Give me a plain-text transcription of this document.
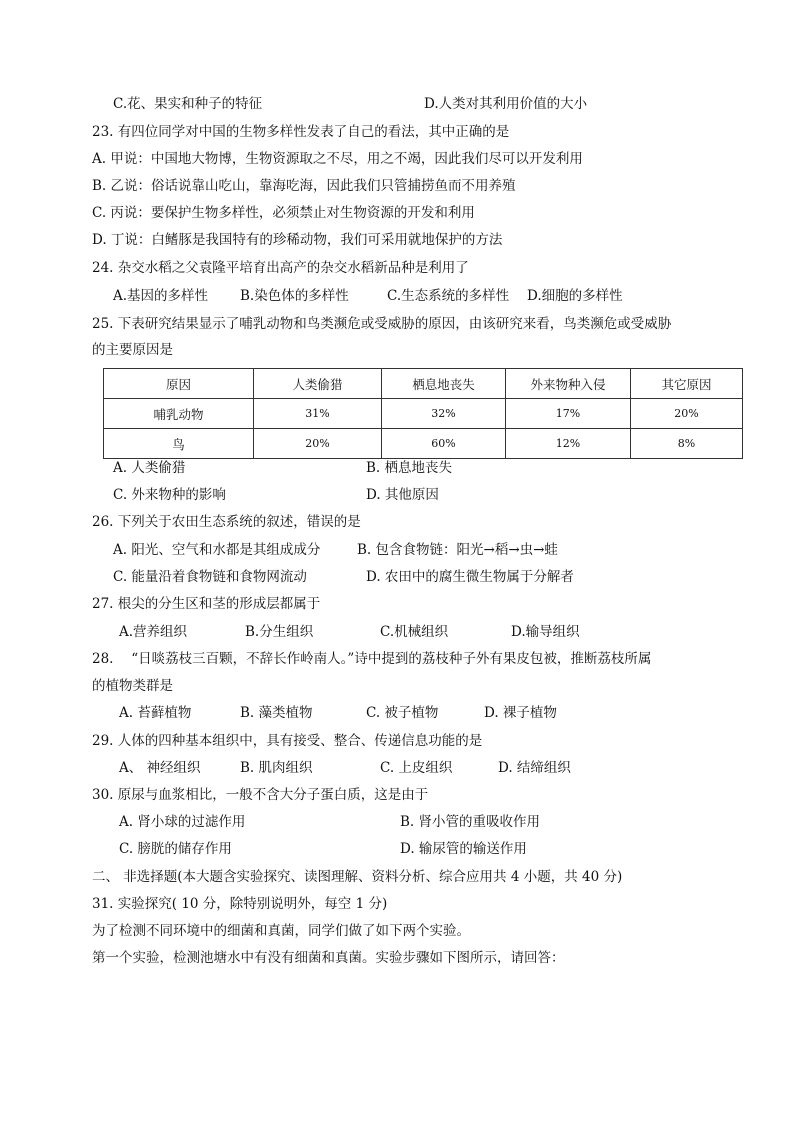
C.花、果实和种子的特征	D.人类对其利用价值的大小
23. 有四位同学对中国的生物多样性发表了自己的看法，其中正确的是
A. 甲说：中国地大物博，生物资源取之不尽，用之不竭，因此我们尽可以开发利用
B. 乙说：俗话说靠山吃山，靠海吃海，因此我们只管捕捞鱼而不用养殖
C. 丙说：要保护生物多样性，必须禁止对生物资源的开发和利用
D. 丁说：白鳍豚是我国特有的珍稀动物，我们可采用就地保护的方法
24. 杂交水稻之父袁隆平培育出高产的杂交水稻新品种是利用了
A.基因的多样性 B.染色体的多样性	C.生态系统的多样性 D.细胞的多样性
25. 下表研究结果显示了哺乳动物和鸟类濒危或受威胁的原因，由该研究来看，鸟类濒危或受威胁
的主要原因是
原因	人类偷猎	栖息地丧失	外来物种入侵	其它原因
哺乳动物	31%	32%	17%	20%
鸟	20%	60%	12%	8%
A. 人类偷猎	B. 栖息地丧失
C. 外来物种的影响	D. 其他原因
26. 下列关于农田生态系统的叙述，错误的是
A. 阳光、空气和水都是其组成成分	B. 包含食物链：阳光→稻→虫→蛙
C. 能量沿着食物链和食物网流动	D. 农田中的腐生微生物属于分解者
27. 根尖的分生区和茎的形成层都属于
A.营养组织	B.分生组织	C.机械组织	D.输导组织
28.　 “日啖荔枝三百颗，不辞长作岭南人。”诗中提到的荔枝种子外有果皮包被，推断荔枝所属
的植物类群是
A. 苔藓植物	B. 藻类植物	C. 被子植物	D. 裸子植物
29. 人体的四种基本组织中，具有接受、整合、传递信息功能的是
A、 神经组织	B. 肌肉组织	C. 上皮组织	D. 结缔组织
30. 原尿与血浆相比，一般不含大分子蛋白质，这是由于
A. 肾小球的过滤作用	B. 肾小管的重吸收作用
C. 膀胱的储存作用	D. 输尿管的输送作用
二、 非选择题(本大题含实验探究、读图理解、资料分析、综合应用共 4 小题，共 40 分)
31. 实验探究( 10 分，除特别说明外，每空 1 分)
为了检测不同环境中的细菌和真菌，同学们做了如下两个实验。
第一个实验，检测池塘水中有没有细菌和真菌。实验步骤如下图所示，请回答：
